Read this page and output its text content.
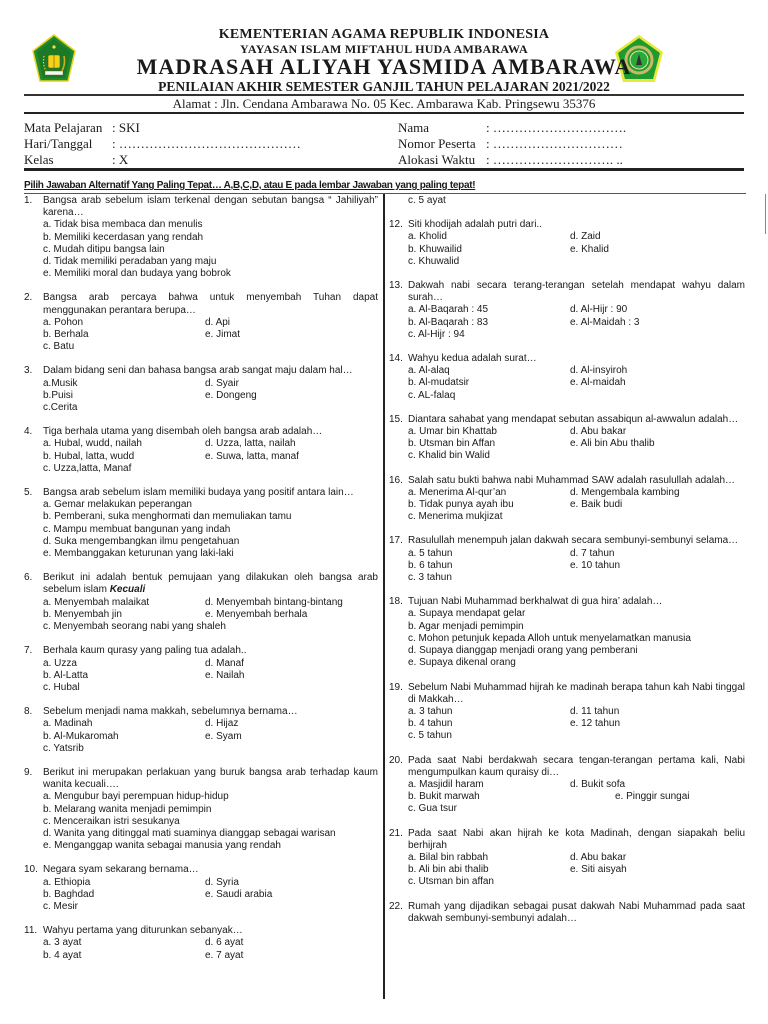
KEMENTERIAN AGAMA REPUBLIK INDONESIA
YAYASAN ISLAM MIFTAHUL HUDA AMBARAWA
MADRASAH ALIYAH YASMIDA AMBARAWA
PENILAIAN AKHIR SEMESTER GANJIL TAHUN PELAJARAN 2021/2022
Alamat : Jln. Cendana Ambarawa No. 05 Kec. Ambarawa Kab. Pringsewu 35376
Mata Pelajaran : SKI
Hari/Tanggal : ……………………………………
Kelas	: X
Nama	: ………………………….
Nomor Peserta : …………………………
Alokasi Waktu : ………………………. ..
Pilih Jawaban Alternatif Yang Paling Tepat… A,B,C,D, atau E pada lembar Jawaban yang paling tepat!
1.	Bangsa arab sebelum islam terkenal dengan sebutan bangsa “ Jahiliyah” karena…
a. Tidak bisa membaca dan menulis
b. Memiliki kecerdasan yang rendah
c. Mudah ditipu bangsa lain
d. Tidak memiliki peradaban yang maju
e. Memiliki moral dan budaya yang bobrok
2.	Bangsa arab percaya bahwa untuk menyembah Tuhan dapat menggunakan perantara berupa…
a. Pohon	d. Api
b. Berhala	e. Jimat
c. Batu
3.	Dalam bidang seni dan bahasa bangsa arab sangat maju dalam hal…
a.Musik	d. Syair
b.Puisi	e. Dongeng
c.Cerita
4.	Tiga berhala utama yang disembah oleh bangsa arab adalah…
a. Hubal, wudd, nailah	d. Uzza, latta, nailah
b. Hubal, latta, wudd	e. Suwa, latta, manaf
c. Uzza,latta, Manaf
5.	Bangsa arab sebelum islam memiliki budaya yang positif antara lain…
a. Gemar melakukan peperangan
b. Pemberani, suka menghormati dan memuliakan tamu
c. Mampu membuat bangunan yang indah
d. Suka mengembangkan ilmu pengetahuan
e. Membanggakan keturunan yang laki-laki
6.	Berikut ini adalah bentuk pemujaan yang dilakukan oleh bangsa arab sebelum islam Kecuali
a. Menyembah malaikat	d. Menyembah bintang-bintang
b. Menyembah jin	e. Menyembah berhala
c. Menyembah seorang nabi yang shaleh
7.	Berhala kaum qurasy yang paling tua adalah..
a. Uzza	d. Manaf
b. Al-Latta	e. Nailah
c. Hubal
8.	Sebelum menjadi nama makkah, sebelumnya bernama…
a. Madinah	d. Hijaz
b. Al-Mukaromah	e. Syam
c. Yatsrib
9.	Berikut ini merupakan perlakuan yang buruk bangsa arab terhadap kaum wanita kecuali….
a. Mengubur bayi perempuan hidup-hidup
b. Melarang wanita menjadi pemimpin
c. Menceraikan istri sesukanya
d. Wanita yang ditinggal mati suaminya dianggap sebagai warisan
e. Menganggap wanita sebagai manusia yang rendah
10. Negara syam sekarang bernama…
a. Ethiopia	d. Syria
b. Baghdad	e. Saudi arabia
c. Mesir
11. Wahyu pertama yang diturunkan sebanyak…
a. 3 ayat	d. 6 ayat
b. 4 ayat	e. 7 ayat
c. 5 ayat
12. Siti khodijah adalah putri dari..
a. Kholid	d. Zaid
b. Khuwailid	e. Khalid
c. Khuwalid
13. Dakwah nabi secara terang-terangan setelah mendapat wahyu dalam surah…
a. Al-Baqarah : 45	d. Al-Hijr : 90
b. Al-Baqarah : 83	e. Al-Maidah : 3
c. Al-Hijr : 94
14. Wahyu kedua adalah surat…
a. Al-alaq	d. Al-insyiroh
b. Al-mudatsir	e. Al-maidah
c. AL-falaq
15. Diantara sahabat yang mendapat sebutan assabiqun al-awwalun adalah…
a. Umar bin Khattab	d. Abu bakar
b. Utsman bin Affan	e. Ali bin Abu thalib
c. Khalid bin Walid
16. Salah satu bukti bahwa nabi Muhammad SAW adalah rasulullah adalah…
a. Menerima Al-qur’an	d. Mengembala kambing
b. Tidak punya ayah ibu	e. Baik budi
c. Menerima mukjizat
17. Rasulullah menempuh jalan dakwah secara sembunyi-sembunyi selama…
a. 5 tahun	d. 7 tahun
b. 6 tahun	e. 10 tahun
c. 3 tahun
18. Tujuan Nabi Muhammad berkhalwat di gua hira’ adalah…
a. Supaya mendapat gelar
b. Agar menjadi pemimpin
c. Mohon petunjuk kepada Alloh untuk menyelamatkan manusia
d. Supaya dianggap menjadi orang yang pemberani
e. Supaya dikenal orang
19. Sebelum Nabi Muhammad hijrah ke madinah berapa tahun kah Nabi tinggal di Makkah…
a. 3 tahun	d. 11 tahun
b. 4 tahun	e. 12 tahun
c. 5 tahun
20. Pada saat Nabi berdakwah secara tengan-terangan pertama kali, Nabi mengumpulkan kaum quraisy di…
a. Masjidil haram	d. Bukit sofa
b. Bukit marwah	e. Pinggir sungai
c. Gua tsur
21. Pada saat Nabi akan hijrah ke kota Madinah, dengan siapakah beliu berhijrah
a. Bilal bin rabbah	d. Abu bakar
b. Ali bin abi thalib	e. Siti aisyah
c. Utsman bin affan
22. Rumah yang dijadikan sebagai pusat dakwah Nabi Muhammad pada saat dakwah sembunyi-sembunyi adalah…
